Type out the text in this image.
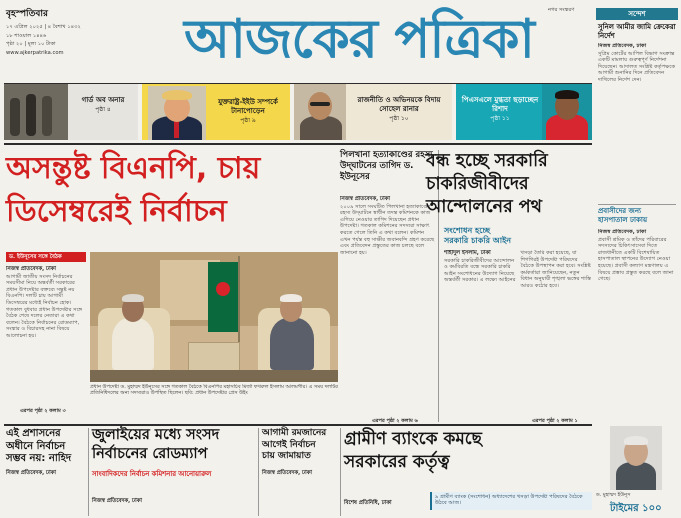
বৃহস্পতিবার
১৭ এপ্রিল ২০২৫ | ৪ বৈশাখ ১৪৩২
১৮ শাওয়াল ১৪৪৬
পৃষ্ঠা ২০ | মূল্য ১০ টাকা
www.ajkerpatrika.com	আজকের পত্রিকা	নগর সংস্করণ	সন্দেশ
সুনিল আমীর জামি ক্রেকেরা নির্দেশ

নিজস্ব প্রতিবেদক, ঢাকা

সুপ্রিম কোর্টের আপিল বিভাগ সংক্রান্ত একটি মামলায় গুরুত্বপূর্ণ নির্দেশনা দিয়েছেন। আদালত সংশ্লিষ্ট কর্তৃপক্ষকে আগামী শুনানির দিনে প্রতিবেদন দাখিলের নির্দেশ দেন।

প্রবাসীদের জন্য
হাসপাতাল ঢাকায়

নিজস্ব প্রতিবেদক, ঢাকা

প্রবাসী শ্রমিক ও তাঁদের পরিবারের সদস্যদের চিকিৎসাসেবা দিতে রাজধানীতে একটি বিশেষায়িত হাসপাতাল স্থাপনের উদ্যোগ নেওয়া হয়েছে। প্রবাসী কল্যাণ মন্ত্রণালয় এ বিষয়ে প্রস্তাব প্রস্তুত করছে বলে জানা গেছে।

ড. মুহাম্মদ ইউনূস
টাইমের ১০০
গার্ড অব অনার
পৃষ্ঠা ৪
যুক্তরাষ্ট্র-ইইউ সম্পর্কে টানাপোড়েন
পৃষ্ঠা ৯
রাজনীতি ও অভিনয়কে বিদায় সোহেল রানার
পৃষ্ঠা ১০
পিএসএলে মুগ্ধতা ছড়াচ্ছেন রিশাদ
পৃষ্ঠা ১১
অসন্তুষ্ট বিএনপি, চায়
ডিসেম্বরেই নির্বাচন
ড. ইউনূসের সঙ্গে বৈঠক

নিজস্ব প্রতিবেদক, ঢাকা

আগামী জাতীয় সংসদ নির্বাচনের সময়সীমা নিয়ে অন্তর্বর্তী সরকারের প্রধান উপদেষ্টার বক্তব্যে সন্তুষ্ট নয় বিএনপি। দলটি চায় আগামী ডিসেম্বরের মধ্যেই নির্বাচন হোক। গতকাল বুধবার প্রধান উপদেষ্টার সঙ্গে বৈঠক শেষে দলের নেতারা এ কথা বলেন। বৈঠকে নির্বাচনের রোডম্যাপ, সংস্কার ও বিচারসহ নানা বিষয়ে আলোচনা হয়।

এরপর পৃষ্ঠা ২ কলাম ৩
প্রধান উপদেষ্টা ড. মুহাম্মদ ইউনূসের সঙ্গে গতকাল বৈঠকে বিএনপির মহাসচিব মির্জা ফখরুল ইসলাম আলমগীর। এ সময় দলটির প্রতিনিধিদলের অন্য সদস্যরাও উপস্থিত ছিলেন। ছবি: প্রধান উপদেষ্টার প্রেস উইং
পিলখানা হত্যাকাণ্ডের রহস্য উদ্‌ঘাটনের তাগিদ ড. ইউনূসের

নিজস্ব প্রতিবেদক, ঢাকা

২০০৯ সালে সংঘটিত পিলখানা হত্যাকাণ্ডের রহস্য উদ্‌ঘাটনে স্বাধীন তদন্ত কমিশনকে কাজ এগিয়ে নেওয়ার তাগিদ দিয়েছেন প্রধান উপদেষ্টা। গতকাল কমিশনের সদস্যরা সাক্ষাৎ করতে গেলে তিনি এ কথা বলেন। কমিশন এখন পর্যন্ত বহু সাক্ষীর জবানবন্দি গ্রহণ করেছে এবং প্রতিবেদন প্রস্তুতের কাজ চলছে বলে জানানো হয়।

এরপর পৃষ্ঠা ২ কলাম ৬
বন্ধ হচ্ছে সরকারি
চাকরিজীবীদের
আন্দোলনের পথ
সংশোধন হচ্ছে
সরকারি চাকরি আইন

শাহীদুল ইসলাম, ঢাকা

সরকারি চাকরিজীবীদের আন্দোলন ও কর্মবিরতি বন্ধে সরকারি চাকরি আইন সংশোধনের উদ্যোগ নিয়েছে অন্তর্বর্তী সরকার। এ লক্ষ্যে আইনের খসড়া তৈরি করা হয়েছে, যা শিগগিরই উপদেষ্টা পরিষদের বৈঠকে উপস্থাপন করা হবে। সংশ্লিষ্ট কর্মকর্তারা জানিয়েছেন, নতুন বিধান অনুযায়ী শৃঙ্খলা ভঙ্গের শাস্তি আরও কঠোর হবে।

এরপর পৃষ্ঠা ২ কলাম ১
এই প্রশাসনের
অধীনে নির্বাচন
সম্ভব নয়: নাহিদ
নিজস্ব প্রতিবেদক, ঢাকা
জুলাইয়ের মধ্যে সংসদ
নির্বাচনের রোডম্যাপ
সাংবাদিকদের নির্বাচন কমিশনার আনোয়ারুল
নিজস্ব প্রতিবেদক, ঢাকা
আগামী রমজানের
আগেই নির্বাচন
চায় জামায়াত
নিজস্ব প্রতিবেদক, ঢাকা
গ্রামীণ ব্যাংকে কমছে
সরকারের কর্তৃত্ব
৯ গ্রামীণ ব্যাংক (সংশোধন) অধ্যাদেশের খসড়া উপদেষ্টা পরিষদের বৈঠকে উঠবে আজ।
বিশেষ প্রতিনিধি, ঢাকা
